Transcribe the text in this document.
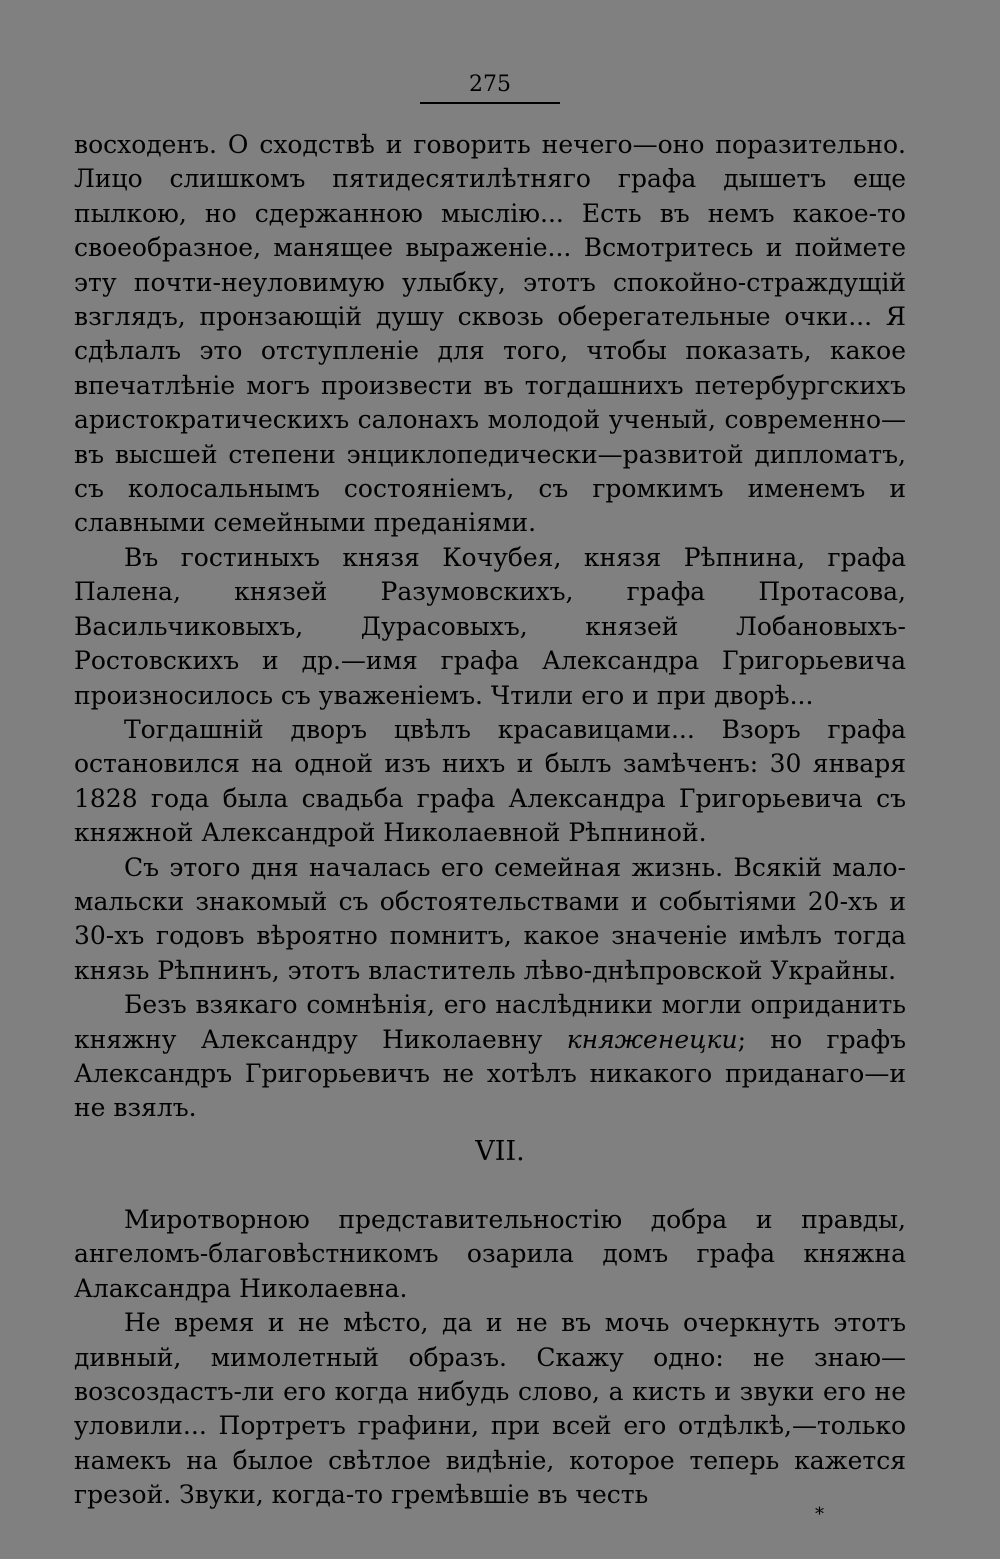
275

восходенъ. О сходствѣ и говорить нечего—оно поразительно. Лицо слишкомъ пятидесятилѣтняго графа дышетъ еще пылкою, но сдержанною мыслію... Есть въ немъ какое-то своеобразное, манящее выраженіе... Всмотритесь и поймете эту почти-неуловимую улыбку, этотъ спокойно-страждущій взглядъ, пронзающій душу сквозь оберегательные очки... Я сдѣлалъ это отступленіе для того, чтобы показать, какое впечатлѣніе могъ произвести въ тогдашнихъ петербургскихъ аристократическихъ салонахъ молодой ученый, современно—въ высшей степени энциклопедически—развитой дипломатъ, съ колосальнымъ состояніемъ, съ громкимъ именемъ и славными семейными преданіями.

Въ гостиныхъ князя Кочубея, князя Рѣпнина, графа Палена, князей Разумовскихъ, графа Протасова, Васильчиковыхъ, Дурасовыхъ, князей Лобановыхъ-Ростовскихъ и др.—имя графа Александра Григорьевича произносилось съ уваженіемъ. Чтили его и при дворѣ...

Тогдашній дворъ цвѣлъ красавицами... Взоръ графа остановился на одной изъ нихъ и былъ замѣченъ: 30 января 1828 года была свадьба графа Александра Григорьевича съ княжной Александрой Николаевной Рѣпниной.

Съ этого дня началась его семейная жизнь. Всякій мало-мальски знакомый съ обстоятельствами и событіями 20-хъ и 30-хъ годовъ вѣроятно помнитъ, какое значеніе имѣлъ тогда князь Рѣпнинъ, этотъ властитель лѣво-днѣпровской Украйны.

Безъ взякаго сомнѣнія, его наслѣдники могли оприданить княжну Александру Николаевну княженецки; но графъ Александръ Григорьевичъ не хотѣлъ никакого приданаго—и не взялъ.

VII.

Миротворною представительностію добра и правды, ангеломъ-благовѣстникомъ озарила домъ графа княжна Алаксандра Николаевна.

Не время и не мѣсто, да и не въ мочь очеркнуть этотъ дивный, мимолетный образъ. Скажу одно: не знаю—возсоздастъ-ли его когда нибудь слово, а кисть и звуки его не уловили... Портретъ графини, при всей его отдѣлкѣ,—только намекъ на былое свѣтлое видѣніе, которое теперь кажется грезой. Звуки, когда-то гремѣвшіе въ честь

*
